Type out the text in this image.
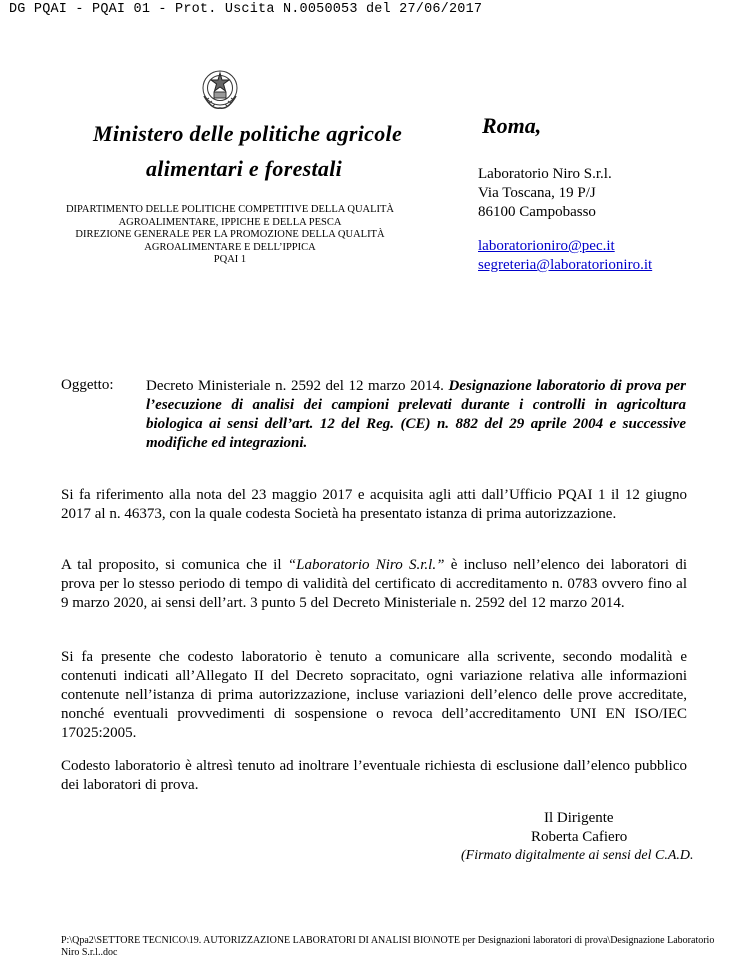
DG PQAI - PQAI 01 - Prot. Uscita N.0050053 del 27/06/2017
Ministero delle politiche agricole
alimentari e forestali
DIPARTIMENTO DELLE POLITICHE COMPETITIVE DELLA QUALITÀ
AGROALIMENTARE, IPPICHE E DELLA PESCA
DIREZIONE GENERALE PER LA PROMOZIONE DELLA QUALITÀ
AGROALIMENTARE E DELL’IPPICA
PQAI 1
Roma,
Laboratorio Niro S.r.l.
Via Toscana, 19 P/J
86100 Campobasso
laboratorioniro@pec.it
segreteria@laboratorioniro.it
Oggetto: Decreto Ministeriale n. 2592 del 12 marzo 2014. Designazione laboratorio di prova per l’esecuzione di analisi dei campioni prelevati durante i controlli in agricoltura biologica ai sensi dell’art. 12 del Reg. (CE) n. 882 del 29 aprile 2004 e successive modifiche ed integrazioni.
Si fa riferimento alla nota del 23 maggio 2017 e acquisita agli atti dall’Ufficio PQAI 1 il 12 giugno 2017 al n. 46373, con la quale codesta Società ha presentato istanza di prima autorizzazione.
A tal proposito, si comunica che il “Laboratorio Niro S.r.l.” è incluso nell’elenco dei laboratori di prova per lo stesso periodo di tempo di validità del certificato di accreditamento n. 0783 ovvero fino al 9 marzo 2020, ai sensi dell’art. 3 punto 5 del Decreto Ministeriale n. 2592 del 12 marzo 2014.
Si fa presente che codesto laboratorio è tenuto a comunicare alla scrivente, secondo modalità e contenuti indicati all’Allegato II del Decreto sopracitato, ogni variazione relativa alle informazioni contenute nell’istanza di prima autorizzazione, incluse variazioni dell’elenco delle prove accreditate, nonché eventuali provvedimenti di sospensione o revoca dell’accreditamento UNI EN ISO/IEC 17025:2005.
Codesto laboratorio è altresì tenuto ad inoltrare l’eventuale richiesta di esclusione dall’elenco pubblico dei laboratori di prova.
Il Dirigente
Roberta Cafiero
(Firmato digitalmente ai sensi del C.A.D.
P:\Qpa2\SETTORE TECNICO\19. AUTORIZZAZIONE LABORATORI DI ANALISI BIO\NOTE per Designazioni laboratori di prova\Designazione Laboratorio Niro S.r.l..doc
